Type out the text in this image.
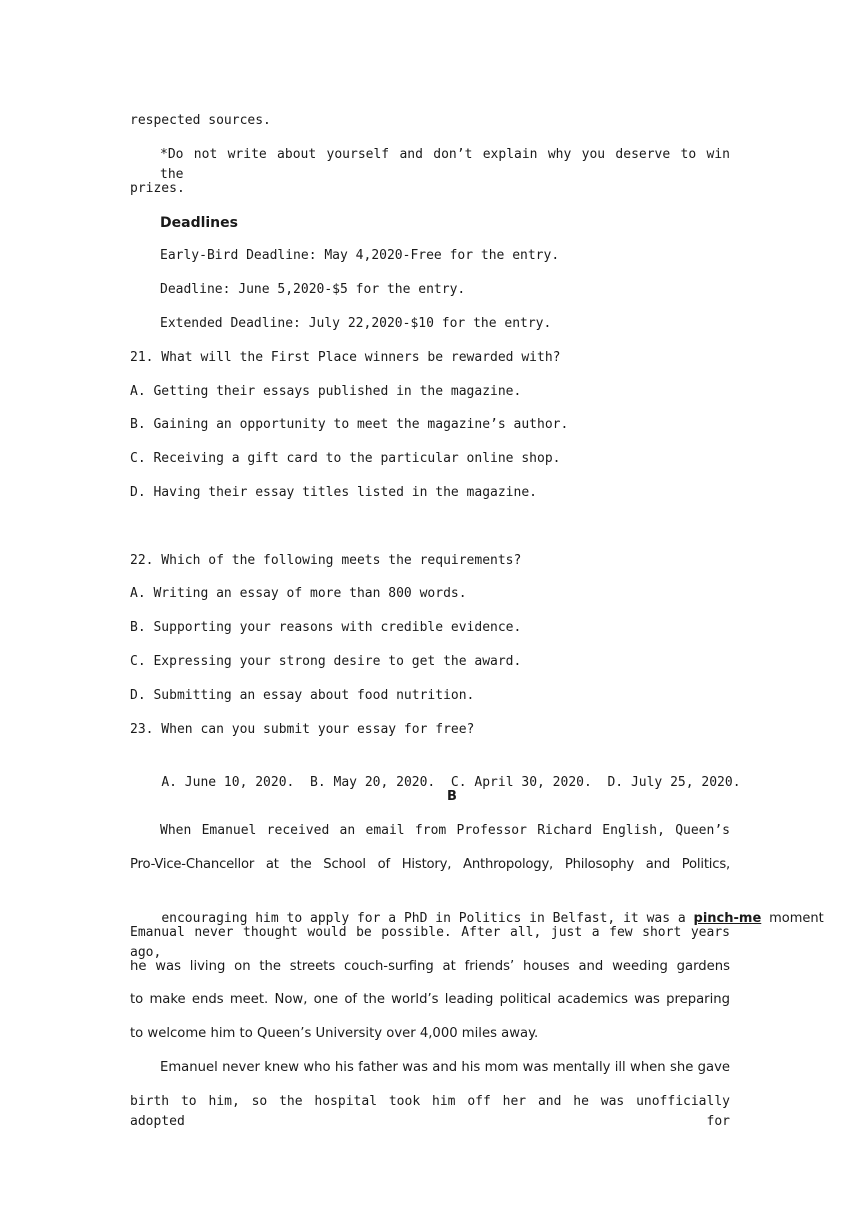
respected sources.
*Do not write about yourself and don’t explain why you deserve to win the
prizes.
Deadlines
Early-Bird Deadline: May 4,2020-Free for the entry.
Deadline: June 5,2020-$5 for the entry.
Extended Deadline: July 22,2020-$10 for the entry.
21. What will the First Place winners be rewarded with?
A. Getting their essays published in the magazine.
B. Gaining an opportunity to meet the magazine’s author.
C. Receiving a gift card to the particular online shop.
D. Having their essay titles listed in the magazine.
22. Which of the following meets the requirements?
A. Writing an essay of more than 800 words.
B. Supporting your reasons with credible evidence.
C. Expressing your strong desire to get the award.
D. Submitting an essay about food nutrition.
23. When can you submit your essay for free?

A. June 10, 2020. B. May 20, 2020. C. April 30, 2020. D. July 25, 2020.

B
When Emanuel received an email from Professor Richard English, Queen’s
Pro-Vice-Chancellor at the School of History, Anthropology, Philosophy and Politics,

encouraging him to apply for a PhD in Politics in Belfast, it was a pinch-me moment

Emanual never thought would be possible. After all, just a few short years ago,
he was living on the streets couch-surfing at friends’ houses and weeding gardens
to make ends meet. Now, one of the world’s leading political academics was preparing
to welcome him to Queen’s University over 4,000 miles away.
Emanuel never knew who his father was and his mom was mentally ill when she gave
birth to him, so the hospital took him off her and he was unofficially adopted for
